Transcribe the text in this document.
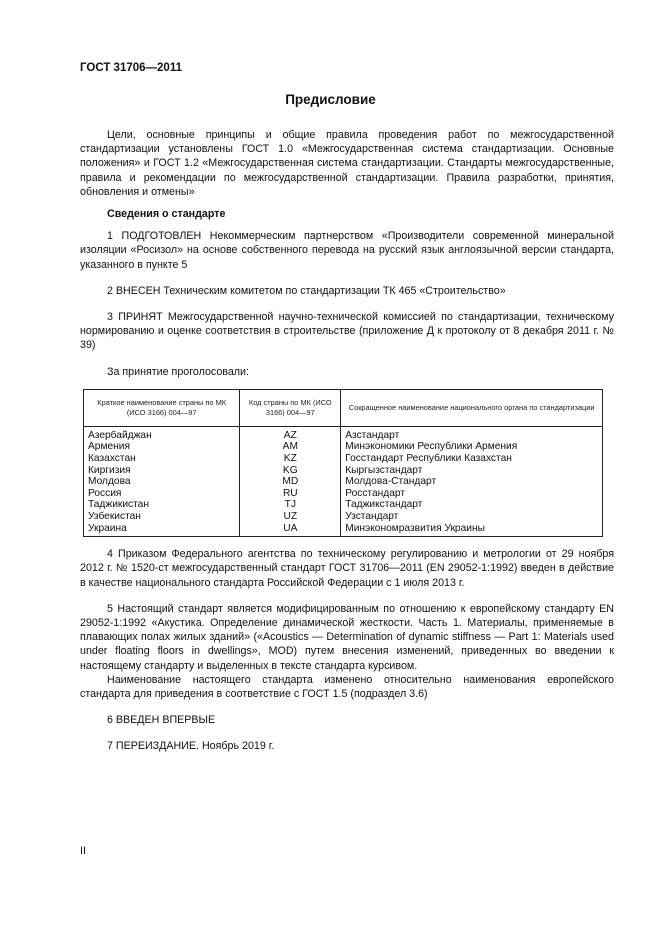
ГОСТ 31706—2011
Предисловие

Цели, основные принципы и общие правила проведения работ по межгосударственной стандартизации установлены ГОСТ 1.0 «Межгосударственная система стандартизации. Основные положения» и ГОСТ 1.2 «Межгосударственная система стандартизации. Стандарты межгосударственные, правила и рекомендации по межгосударственной стандартизации. Правила разработки, принятия, обновления и отмены»

Сведения о стандарте

1 ПОДГОТОВЛЕН Некоммерческим партнерством «Производители современной минеральной изоляции «Росизол» на основе собственного перевода на русский язык англоязычной версии стандарта, указанного в пункте 5

2 ВНЕСЕН Техническим комитетом по стандартизации ТК 465 «Строительство»

3 ПРИНЯТ Межгосударственной научно-технической комиссией по стандартизации, техническому нормированию и оценке соответствия в строительстве (приложение Д к протоколу от 8 декабря 2011 г. № 39)

За принятие проголосовали:

Краткое наименование страны по МК (ИСО 3166) 004—97	Код страны по МК (ИСО 3166) 004—97	Сокращенное наименование национального органа по стандартизации
Азербайджан	AZ	Азстандарт
Армения	AM	Минэкономики Республики Армения
Казахстан	KZ	Госстандарт Республики Казахстан
Киргизия	KG	Кыргызстандарт
Молдова	MD	Молдова-Стандарт
Россия	RU	Росстандарт
Таджикистан	TJ	Таджикстандарт
Узбекистан	UZ	Узстандарт
Украина	UA	Минэкономразвития Украины

4 Приказом Федерального агентства по техническому регулированию и метрологии от 29 ноября 2012 г. № 1520-ст межгосударственный стандарт ГОСТ 31706—2011 (EN 29052-1:1992) введен в действие в качестве национального стандарта Российской Федерации с 1 июля 2013 г.

5 Настоящий стандарт является модифицированным по отношению к европейскому стандарту EN 29052-1:1992 «Акустика. Определение динамической жесткости. Часть 1. Материалы, применяемые в плавающих полах жилых зданий» («Acoustics — Determination of dynamic stiffness — Part 1: Materials used under floating floors in dwellings», MOD) путем внесения изменений, приведенных во введении к настоящему стандарту и выделенных в тексте стандарта курсивом.

Наименование настоящего стандарта изменено относительно наименования европейского стандарта для приведения в соответствие с ГОСТ 1.5 (подраздел 3.6)

6 ВВЕДЕН ВПЕРВЫЕ

7 ПЕРЕИЗДАНИЕ. Ноябрь 2019 г.

II
